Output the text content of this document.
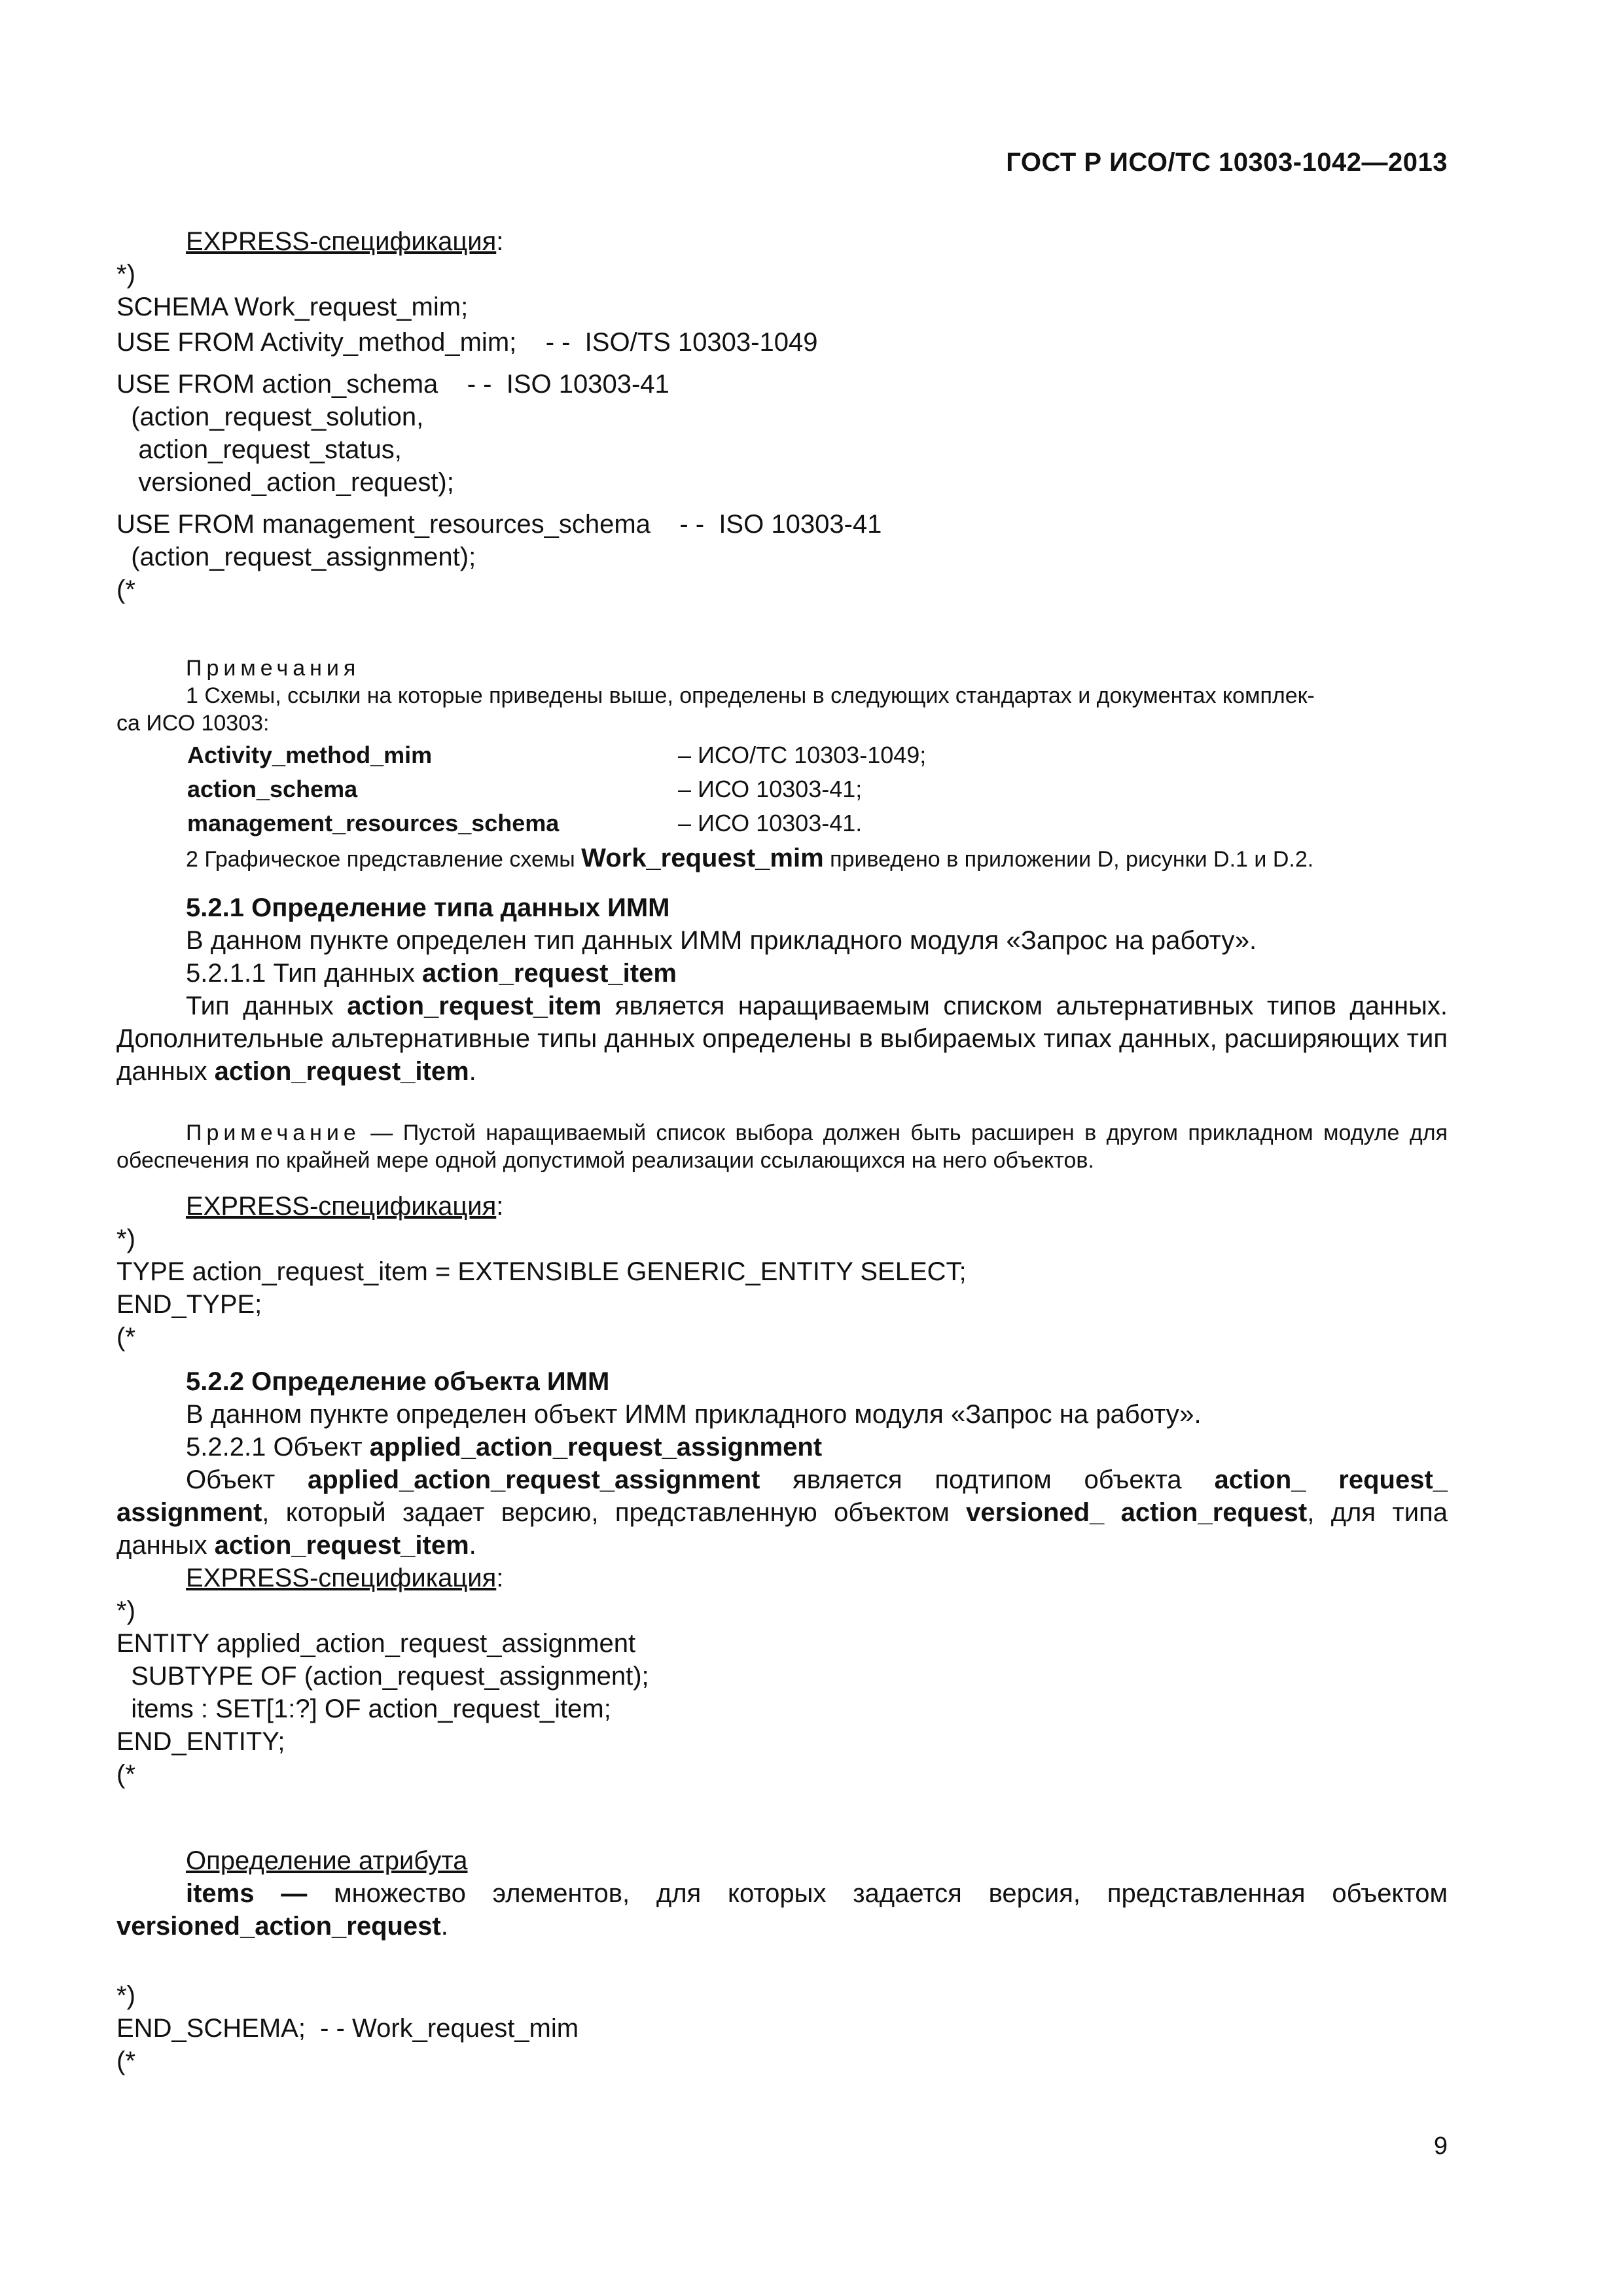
ГОСТ Р ИСО/ТС 10303-1042—2013
EXPRESS-спецификация:
*)
SCHEMA Work_request_mim;
USE FROM Activity_method_mim;    - -  ISO/TS 10303-1049
USE FROM action_schema    - -  ISO 10303-41
(action_request_solution,
action_request_status,
versioned_action_request);
USE FROM management_resources_schema    - -  ISO 10303-41
(action_request_assignment);
(*
Примечания
1 Схемы, ссылки на которые приведены выше, определены в следующих стандартах и документах комплек-
са ИСО 10303:
Activity_method_mim	– ИСО/ТС 10303-1049;
action_schema	– ИСО 10303-41;
management_resources_schema	– ИСО 10303-41.
2 Графическое представление схемы Work_request_mim приведено в приложении D, рисунки D.1 и D.2.
5.2.1 Определение типа данных ИММ
В данном пункте определен тип данных ИММ прикладного модуля «Запрос на работу».
5.2.1.1 Тип данных action_request_item
Тип данных action_request_item является наращиваемым списком альтернативных типов данных. Дополнительные альтернативные типы данных определены в выбираемых типах данных, расширяющих тип данных action_request_item.
Примечание — Пустой наращиваемый список выбора должен быть расширен в другом прикладном модуле для обеспечения по крайней мере одной допустимой реализации ссылающихся на него объектов.
EXPRESS-спецификация:
*)
TYPE action_request_item = EXTENSIBLE GENERIC_ENTITY SELECT;
END_TYPE;
(*
5.2.2 Определение объекта ИММ
В данном пункте определен объект ИММ прикладного модуля «Запрос на работу».
5.2.2.1 Объект applied_action_request_assignment
Объект applied_action_request_assignment является подтипом объекта action_ request_ assignment, который задает версию, представленную объектом versioned_ action_request, для типа данных action_request_item.
EXPRESS-спецификация:
*)
ENTITY applied_action_request_assignment
SUBTYPE OF (action_request_assignment);
items : SET[1:?] OF action_request_item;
END_ENTITY;
(*
Определение атрибута
items — множество элементов, для которых задается версия, представленная объектом versioned_action_request.
*)
END_SCHEMA;  - - Work_request_mim
(*
9
